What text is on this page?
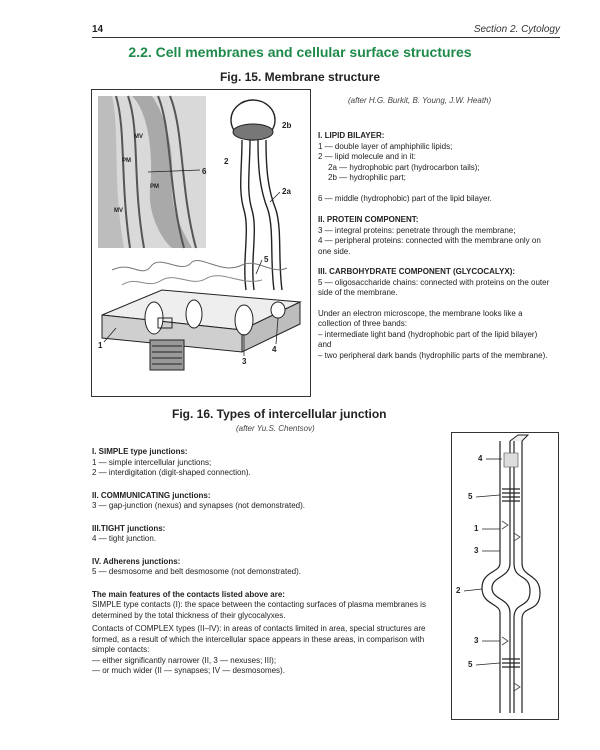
14	Section 2. Cytology
2.2. Cell membranes and cellular surface structures
Fig. 15. Membrane structure
MV
PM
PM
MV
6
2b
2
2a
5
1
3
4
(after H.G. Burkit, B. Young, J.W. Heath)

I. LIPID BILAYER:

1 — double layer of amphiphilic lipids;

2 — lipid molecule and in it:

2a — hydrophobic part (hydrocarbon tails);

2b — hydrophilic part;

6 — middle (hydrophobic) part of the lipid bilayer.

II. PROTEIN COMPONENT:

3 — integral proteins: penetrate through the membrane;

4 — peripheral proteins: connected with the membrane only on one side.

III. CARBOHYDRATE COMPONENT (GLYCOCALYX):

5 — oligosaccharide chains: connected with proteins on the outer side of the membrane.

Under an electron microscope, the membrane looks like a collection of three bands:

– intermediate light band (hydrophobic part of the lipid bilayer)

and

– two peripheral dark bands (hydrophilic parts of the membrane).

Fig. 16. Types of intercellular junction
(after Yu.S. Chentsov)

I. SIMPLE type junctions:

1 — simple intercellular junctions;

2 — interdigitation (digit-shaped connection).

II. COMMUNICATING junctions:

3 — gap-junction (nexus) and synapses (not demonstrated).

III.TIGHT junctions:

4 — tight junction.

IV. Adherens junctions:

5 — desmosome and belt desmosome (not demonstrated).

The main features of the contacts listed above are:

SIMPLE type contacts (I): the space between the contacting surfaces of plasma membranes is determined by the total thickness of their glycocalyxes.

Contacts of COMPLEX types (II–IV): in areas of contacts limited in area, special structures are formed, as a result of which the intercellular space appears in these areas, in comparison with simple contacts:

— either significantly narrower (II, 3 — nexuses; III);

— or much wider (II — synapses; IV — desmosomes).

4
5
1
3
2
3
5
